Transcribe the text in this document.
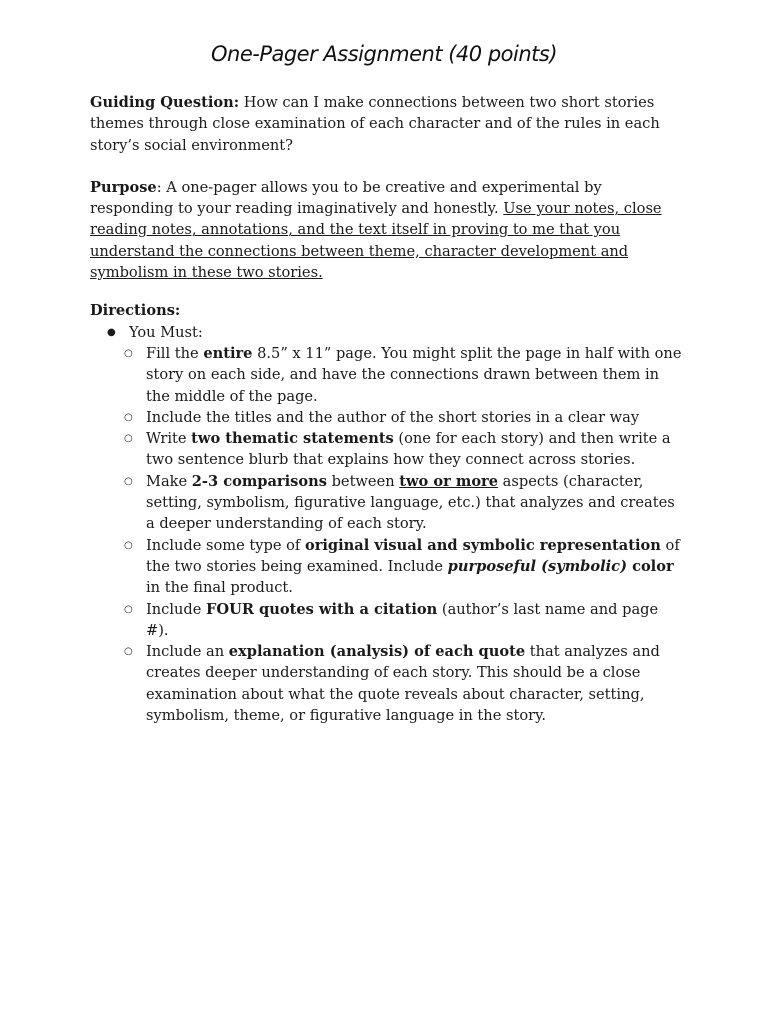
One-Pager Assignment (40 points)

Guiding Question: How can I make connections between two short stories themes through close examination of each character and of the rules in each story’s social environment?

Purpose: A one-pager allows you to be creative and experimental by responding to your reading imaginatively and honestly. Use your notes, close reading notes, annotations, and the text itself in proving to me that you understand the connections between theme, character development and symbolism in these two stories.

Directions:

● You Must:
○ Fill the entire 8.5” x 11” page. You might split the page in half with one story on each side, and have the connections drawn between them in the middle of the page.
○ Include the titles and the author of the short stories in a clear way
○ Write two thematic statements (one for each story) and then write a two sentence blurb that explains how they connect across stories.
○ Make 2-3 comparisons between two or more aspects (character, setting, symbolism, figurative language, etc.) that analyzes and creates a deeper understanding of each story.
○ Include some type of original visual and symbolic representation of the two stories being examined. Include purposeful (symbolic) color in the final product.
○ Include FOUR quotes with a citation (author’s last name and page #).
○ Include an explanation (analysis) of each quote that analyzes and creates deeper understanding of each story. This should be a close examination about what the quote reveals about character, setting, symbolism, theme, or figurative language in the story.
